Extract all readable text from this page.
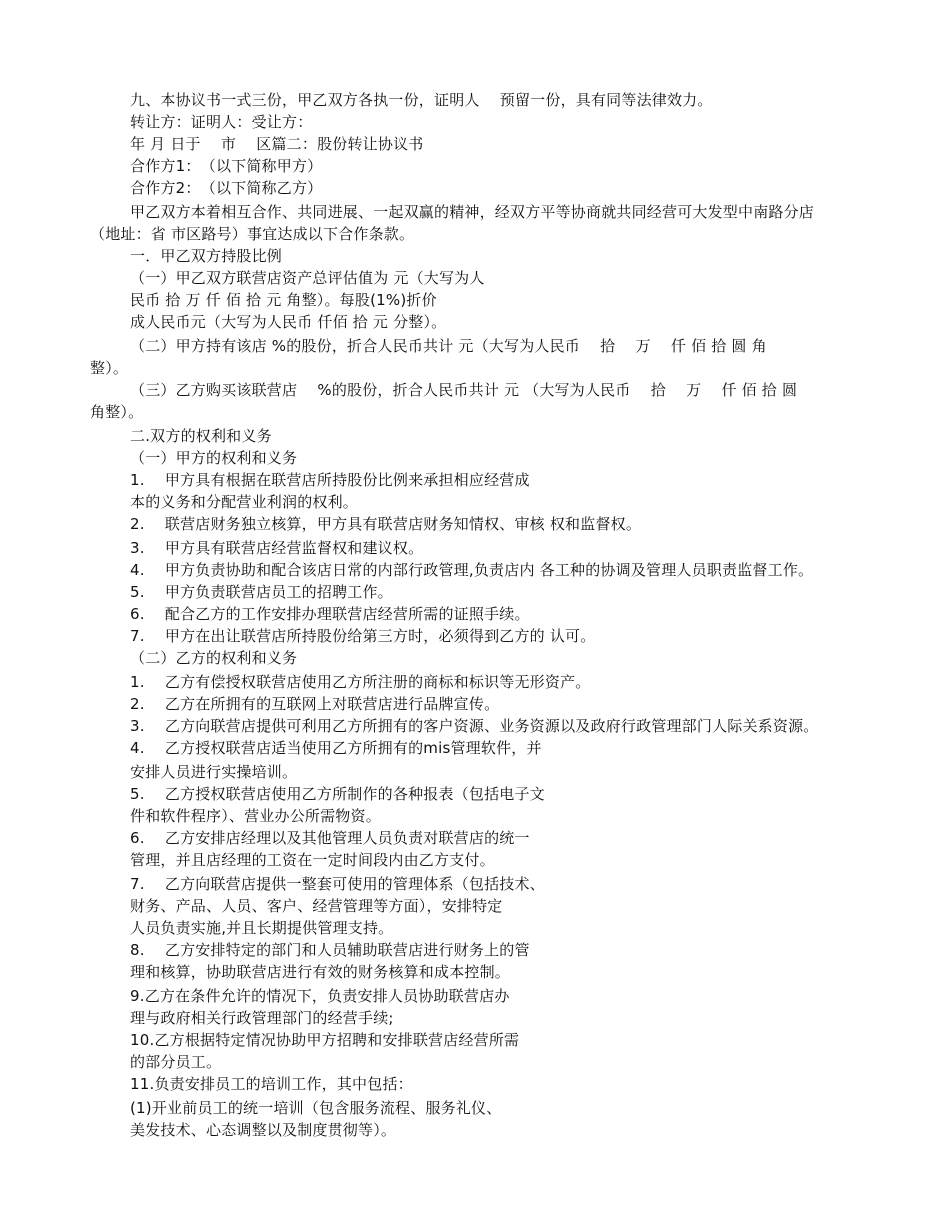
九、本协议书一式三份，甲乙双方各执一份，证明人　 预留一份，具有同等法律效力。
转让方：证明人：受让方：
年 月 日于　 市　 区篇二：股份转让协议书
合作方1：　（以下简称甲方）
合作方2：　（以下简称乙方）
甲乙双方本着相互合作、共同进展、一起双赢的精神，经双方平等协商就共同经营可大发型中南路分店
（地址：省 市区路号）事宜达成以下合作条款。
一．甲乙双方持股比例
（一）甲乙双方联营店资产总评估值为 元（大写为人
民币 拾 万 仟 佰 拾 元 角整）。每股(1%)折价
成人民币元（大写为人民币 仟佰 拾 元 分整）。
（二）甲方持有该店 %的股份，折合人民币共计 元（大写为人民币　 拾　 万　 仟 佰 拾 圆 角
整）。
（三）乙方购买该联营店　 %的股份，折合人民币共计 元 （大写为人民币　 拾　 万　 仟 佰 拾 圆
角整）。
二.双方的权利和义务
（一）甲方的权利和义务
1.　 甲方具有根据在联营店所持股份比例来承担相应经营成
本的义务和分配营业利润的权利。
2.　 联营店财务独立核算，甲方具有联营店财务知情权、审核 权和监督权。
3.　 甲方具有联营店经营监督权和建议权。
4.　 甲方负责协助和配合该店日常的内部行政管理,负责店内 各工种的协调及管理人员职责监督工作。
5.　 甲方负责联营店员工的招聘工作。
6.　 配合乙方的工作安排办理联营店经营所需的证照手续。
7.　 甲方在出让联营店所持股份给第三方时，必须得到乙方的 认可。
（二）乙方的权利和义务
1.　 乙方有偿授权联营店使用乙方所注册的商标和标识等无形资产。
2.　 乙方在所拥有的互联网上对联营店进行品牌宣传。
3.　 乙方向联营店提供可利用乙方所拥有的客户资源、业务资源以及政府行政管理部门人际关系资源。
4.　 乙方授权联营店适当使用乙方所拥有的mis管理软件，并
安排人员进行实操培训。
5.　 乙方授权联营店使用乙方所制作的各种报表（包括电子文
件和软件程序）、营业办公所需物资。
6.　 乙方安排店经理以及其他管理人员负责对联营店的统一
管理，并且店经理的工资在一定时间段内由乙方支付。
7.　 乙方向联营店提供一整套可使用的管理体系（包括技术、
财务、产品、人员、客户、经营管理等方面），安排特定
人员负责实施,并且长期提供管理支持。
8.　 乙方安排特定的部门和人员辅助联营店进行财务上的管
理和核算，协助联营店进行有效的财务核算和成本控制。
9.乙方在条件允许的情况下，负责安排人员协助联营店办
理与政府相关行政管理部门的经营手续;
10.乙方根据特定情况协助甲方招聘和安排联营店经营所需
的部分员工。
11.负责安排员工的培训工作，其中包括：
(1)开业前员工的统一培训（包含服务流程、服务礼仪、
美发技术、心态调整以及制度贯彻等）。
